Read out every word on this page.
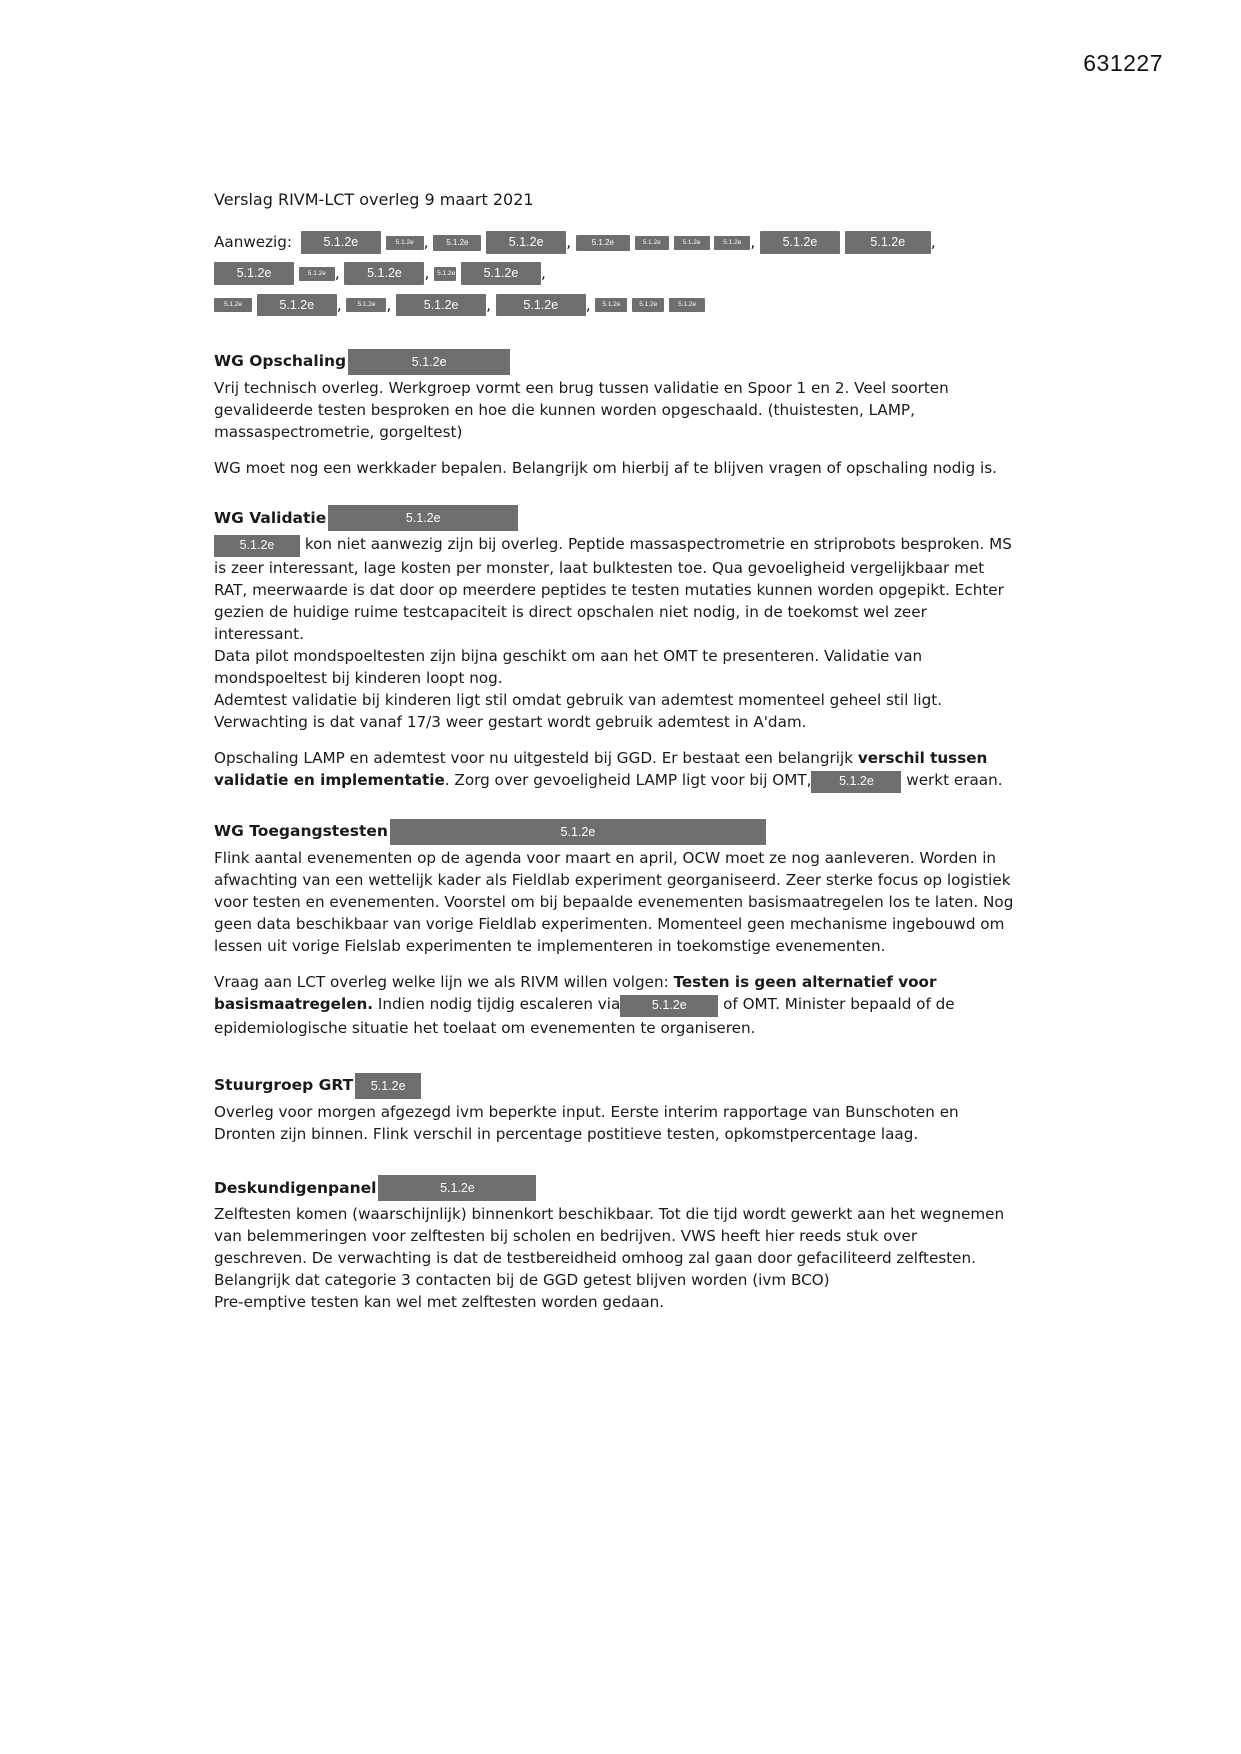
631227
Verslag RIVM-LCT overleg 9 maart 2021
Aanwezig:	5.1.2e	5.1.2e , 5.1.2e	5.1.2e ,	5.1.2e	5.1.2e	5.1.2e	5.1.2e , 5.1.2e	5.1.2e , 5.1.2e	5.1.2e , 5.1.2e , 5.1.2e 5.1.2e ,
5.1.2e	5.1.2e , 5.1.2e ,	5.1.2e ,	5.1.2e , 5.1.2e	5.1.2e	5.1.2e
WG Opschaling	5.1.2e

Vrij technisch overleg. Werkgroep vormt een brug tussen validatie en Spoor 1 en 2. Veel soorten gevalideerde testen besproken en hoe die kunnen worden opgeschaald. (thuistesten, LAMP, massaspectrometrie, gorgeltest)

WG moet nog een werkkader bepalen. Belangrijk om hierbij af te blijven vragen of opschaling nodig is.

WG Validatie	5.1.2e

5.1.2e kon niet aanwezig zijn bij overleg. Peptide massaspectrometrie en striprobots besproken. MS is zeer interessant, lage kosten per monster, laat bulktesten toe. Qua gevoeligheid vergelijkbaar met RAT, meerwaarde is dat door op meerdere peptides te testen mutaties kunnen worden opgepikt. Echter gezien de huidige ruime testcapaciteit is direct opschalen niet nodig, in de toekomst wel zeer interessant.

Data pilot mondspoeltesten zijn bijna geschikt om aan het OMT te presenteren. Validatie van mondspoeltest bij kinderen loopt nog.

Ademtest validatie bij kinderen ligt stil omdat gebruik van ademtest momenteel geheel stil ligt. Verwachting is dat vanaf 17/3 weer gestart wordt gebruik ademtest in A'dam.

Opschaling LAMP en ademtest voor nu uitgesteld bij GGD. Er bestaat een belangrijk verschil tussen validatie en implementatie. Zorg over gevoeligheid LAMP ligt voor bij OMT, 5.1.2e werkt eraan.

WG Toegangstesten	5.1.2e

Flink aantal evenementen op de agenda voor maart en april, OCW moet ze nog aanleveren. Worden in afwachting van een wettelijk kader als Fieldlab experiment georganiseerd. Zeer sterke focus op logistiek voor testen en evenementen. Voorstel om bij bepaalde evenementen basismaatregelen los te laten. Nog geen data beschikbaar van vorige Fieldlab experimenten. Momenteel geen mechanisme ingebouwd om lessen uit vorige Fielslab experimenten te implementeren in toekomstige evenementen.

Vraag aan LCT overleg welke lijn we als RIVM willen volgen: Testen is geen alternatief voor basismaatregelen. Indien nodig tijdig escaleren via	5.1.2e of OMT. Minister bepaald of de epidemiologische situatie het toelaat om evenementen te organiseren.

Stuurgroep GRT	5.1.2e

Overleg voor morgen afgezegd ivm beperkte input. Eerste interim rapportage van Bunschoten en Dronten zijn binnen. Flink verschil in percentage postitieve testen, opkomstpercentage laag.

Deskundigenpanel	5.1.2e

Zelftesten komen (waarschijnlijk) binnenkort beschikbaar. Tot die tijd wordt gewerkt aan het wegnemen van belemmeringen voor zelftesten bij scholen en bedrijven. VWS heeft hier reeds stuk over geschreven. De verwachting is dat de testbereidheid omhoog zal gaan door gefaciliteerd zelftesten.

Belangrijk dat categorie 3 contacten bij de GGD getest blijven worden (ivm BCO)

Pre-emptive testen kan wel met zelftesten worden gedaan.
